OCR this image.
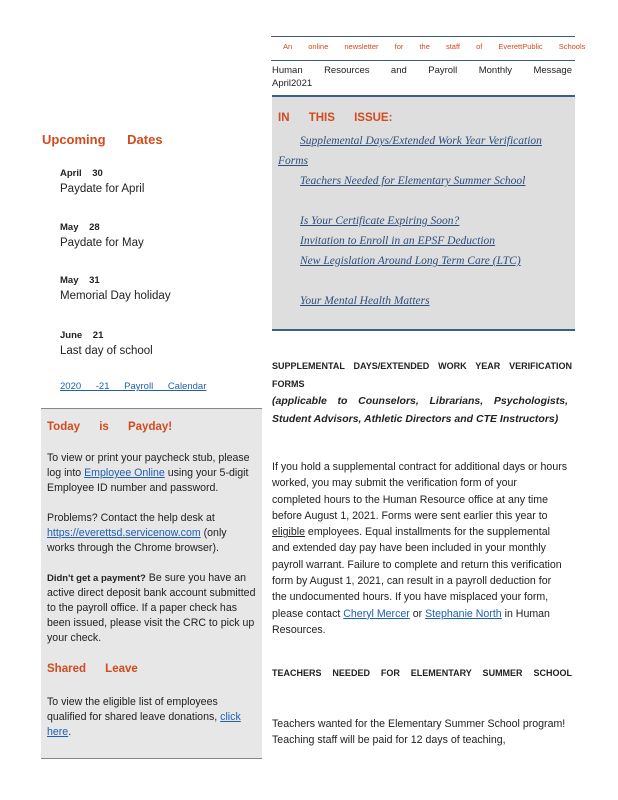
Upcoming Dates
April 30
Paydate for April
May 28
Paydate for May
May 31
Memorial Day holiday
June 21
Last day of school
2020 -21 Payroll Calendar
Today is Payday!
To view or print your paycheck stub, please log into Employee Online using your 5-digit Employee ID number and password.
Problems? Contact the help desk at https://everettsd.servicenow.com (only works through the Chrome browser).
Didn't get a payment? Be sure you have an active direct deposit bank account submitted to the payroll office. If a paper check has been issued, please visit the CRC to pick up your check.
Shared Leave
To view the eligible list of employees qualified for shared leave donations, click here.
An online newsletter for the staff of EverettPublic Schools
Human Resources and Payroll Monthly Message
April2021
IN THIS ISSUE:
Supplemental Days/Extended Work Year Verification Forms
Teachers Needed for Elementary Summer School
Is Your Certificate Expiring Soon?
Invitation to Enroll in an EPSF Deduction
New Legislation Around Long Term Care (LTC)
Your Mental Health Matters
SUPPLEMENTAL DAYS/EXTENDED WORK YEAR VERIFICATION FORMS
(applicable to Counselors, Librarians, Psychologists, Student Advisors, Athletic Directors and CTE Instructors)
If you hold a supplemental contract for additional days or hours worked, you may submit the verification form of your completed hours to the Human Resource office at any time before August 1, 2021. Forms were sent earlier this year to eligible employees. Equal installments for the supplemental and extended day pay have been included in your monthly payroll warrant. Failure to complete and return this verification form by August 1, 2021, can result in a payroll deduction for the undocumented hours. If you have misplaced your form, please contact Cheryl Mercer or Stephanie North in Human Resources.
TEACHERS NEEDED FOR ELEMENTARY SUMMER SCHOOL
Teachers wanted for the Elementary Summer School program! Teaching staff will be paid for 12 days of teaching,
